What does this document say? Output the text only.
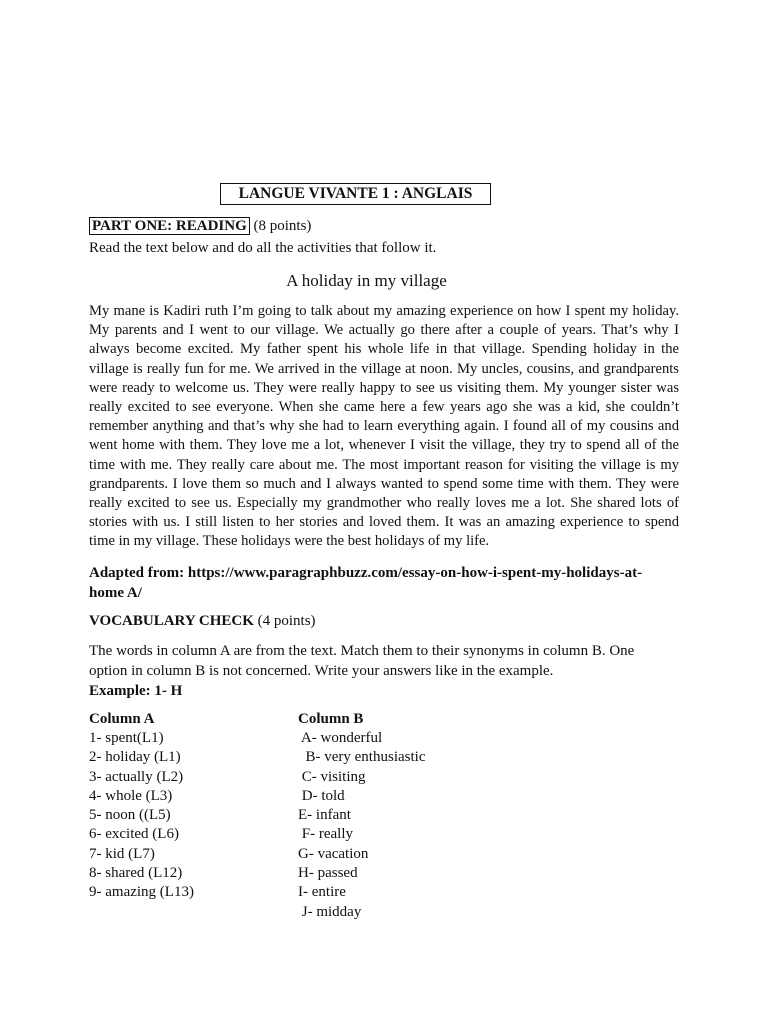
LANGUE VIVANTE 1 : ANGLAIS
PART ONE: READING (8 points)
Read the text below and do all the activities that follow it.
A holiday in my village
My mane is Kadiri ruth I’m going to talk about my amazing experience on how I spent my holiday.
My parents and I went to our village. We actually go there after a couple of years. That’s why I
always become excited. My father spent his whole life in that village. Spending holiday in the
village is really fun for me. We arrived in the village at noon. My uncles, cousins, and grandparents
were ready to welcome us. They were really happy to see us visiting them. My younger sister was
really excited to see everyone. When she came here a few years ago she was a kid, she couldn’t
remember anything and that’s why she had to learn everything again. I found all of my cousins and
went home with them. They love me a lot, whenever I visit the village, they try to spend all of the
time with me. They really care about me. The most important reason for visiting the village is my
grandparents. I love them so much and I always wanted to spend some time with them. They were
really excited to see us. Especially my grandmother who really loves me a lot. She shared lots of
stories with us. I still listen to her stories and loved them. It was an amazing experience to spend
time in my village. These holidays were the best holidays of my life.
Adapted from: https://www.paragraphbuzz.com/essay-on-how-i-spent-my-holidays-at-
home A/
VOCABULARY CHECK (4 points)
The words in column A are from the text. Match them to their synonyms in column B. One
option in column B is not concerned. Write your answers like in the example.
Example: 1- H
Column A	Column B
1- spent(L1)
2- holiday (L1)
3- actually (L2)
4- whole (L3)
5- noon ((L5)
6- excited (L6)
7- kid (L7)
8- shared (L12)
9- amazing (L13)
A- wonderful
B- very enthusiastic
C- visiting
D- told
E- infant
F- really
G- vacation
H- passed
I- entire
J- midday
